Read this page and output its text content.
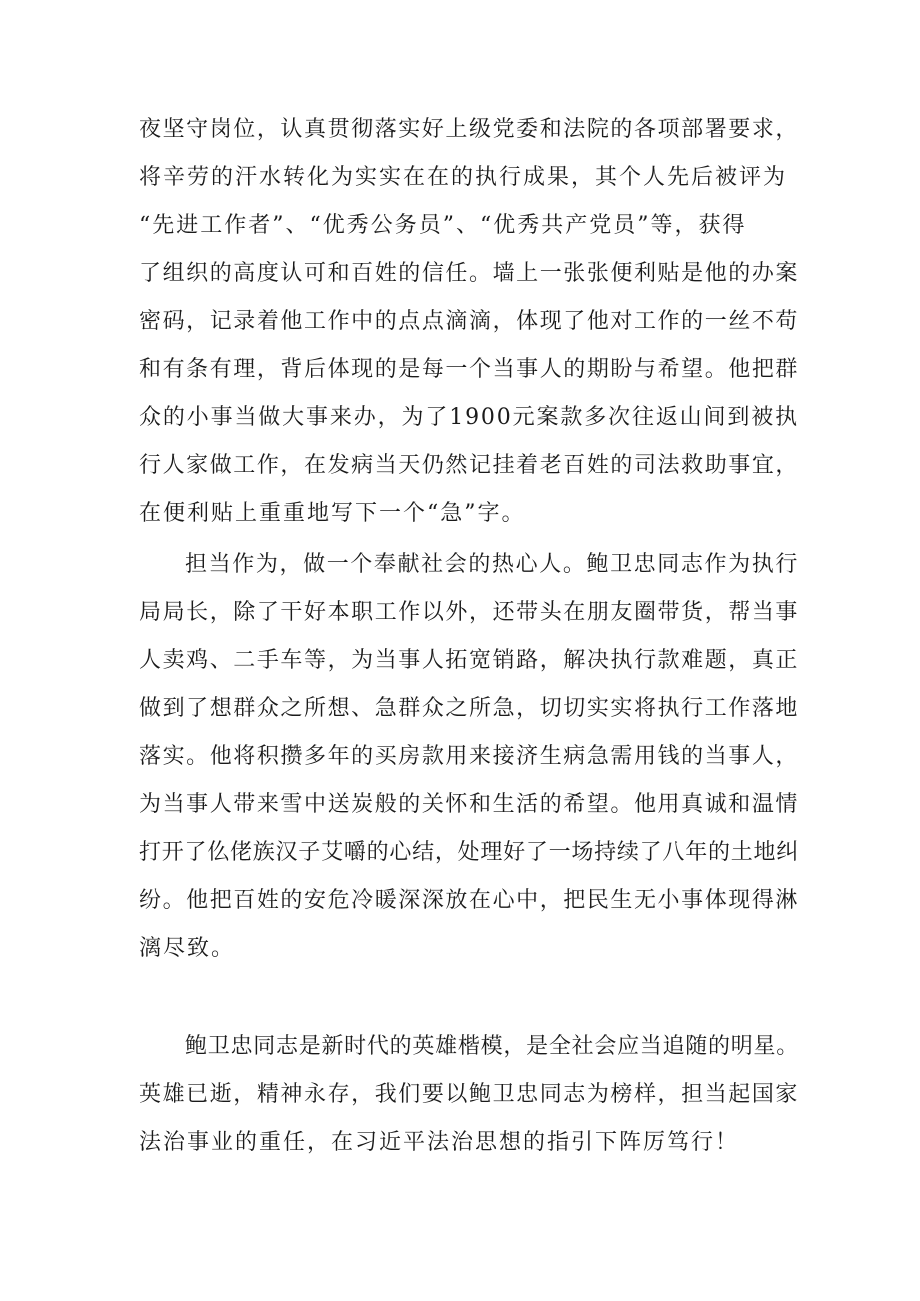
夜坚守岗位，认真贯彻落实好上级党委和法院的各项部署要求，
将辛劳的汗水转化为实实在在的执行成果，其个人先后被评为
“先进工作者”、“优秀公务员”、“优秀共产党员”等，获得
了组织的高度认可和百姓的信任。墙上一张张便利贴是他的办案
密码，记录着他工作中的点点滴滴，体现了他对工作的一丝不苟
和有条有理，背后体现的是每一个当事人的期盼与希望。他把群
众的小事当做大事来办，为了1900元案款多次往返山间到被执
行人家做工作，在发病当天仍然记挂着老百姓的司法救助事宜，
在便利贴上重重地写下一个“急”字。
担当作为，做一个奉献社会的热心人。鲍卫忠同志作为执行
局局长，除了干好本职工作以外，还带头在朋友圈带货，帮当事
人卖鸡、二手车等，为当事人拓宽销路，解决执行款难题，真正
做到了想群众之所想、急群众之所急，切切实实将执行工作落地
落实。他将积攒多年的买房款用来接济生病急需用钱的当事人，
为当事人带来雪中送炭般的关怀和生活的希望。他用真诚和温情
打开了仫佬族汉子艾嚼的心结，处理好了一场持续了八年的土地纠
纷。他把百姓的安危冷暖深深放在心中，把民生无小事体现得淋
漓尽致。
鲍卫忠同志是新时代的英雄楷模，是全社会应当追随的明星。
英雄已逝，精神永存，我们要以鲍卫忠同志为榜样，担当起国家
法治事业的重任，在习近平法治思想的指引下阵厉笃行！
